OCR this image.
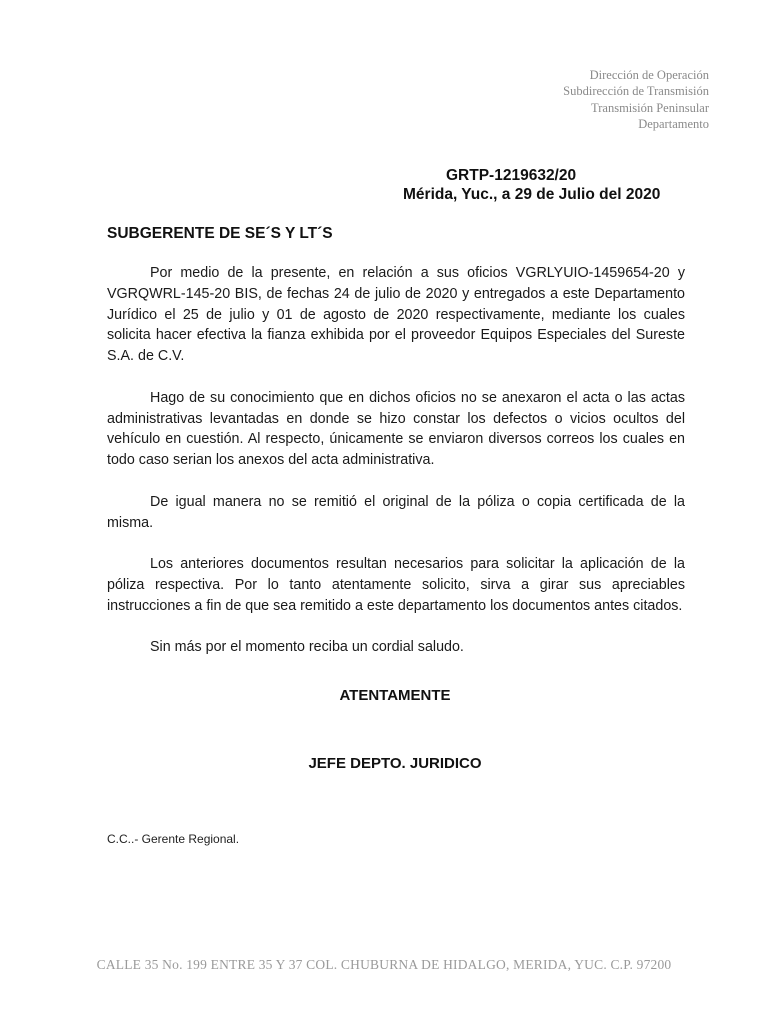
Dirección de Operación
Subdirección de Transmisión
Transmisión Peninsular
Departamento
GRTP-1219632/20
Mérida, Yuc., a 29 de Julio del 2020
SUBGERENTE DE SE´S Y LT´S

Por medio de la presente, en relación a sus oficios VGRLYUIO-1459654-20 y VGRQWRL-145-20 BIS, de fechas 24 de julio de 2020 y entregados a este Departamento Jurídico el 25 de julio y 01 de agosto de 2020 respectivamente, mediante los cuales solicita hacer efectiva la fianza exhibida por el proveedor Equipos Especiales del Sureste S.A. de C.V.

Hago de su conocimiento que en dichos oficios no se anexaron el acta o las actas administrativas levantadas en donde se hizo constar los defectos o vicios ocultos del vehículo en cuestión. Al respecto, únicamente se enviaron diversos correos los cuales en todo caso serian los anexos del acta administrativa.

De igual manera no se remitió el original de la póliza o copia certificada de la misma.

Los anteriores documentos resultan necesarios para solicitar la aplicación de la póliza respectiva. Por lo tanto atentamente solicito, sirva a girar sus apreciables instrucciones a fin de que sea remitido a este departamento los documentos antes citados.

Sin más por el momento reciba un cordial saludo.

ATENTAMENTE
JEFE DEPTO. JURIDICO
C.C..- Gerente Regional.
CALLE 35 No. 199 ENTRE 35 Y 37 COL. CHUBURNA DE HIDALGO, MERIDA, YUC. C.P. 97200
